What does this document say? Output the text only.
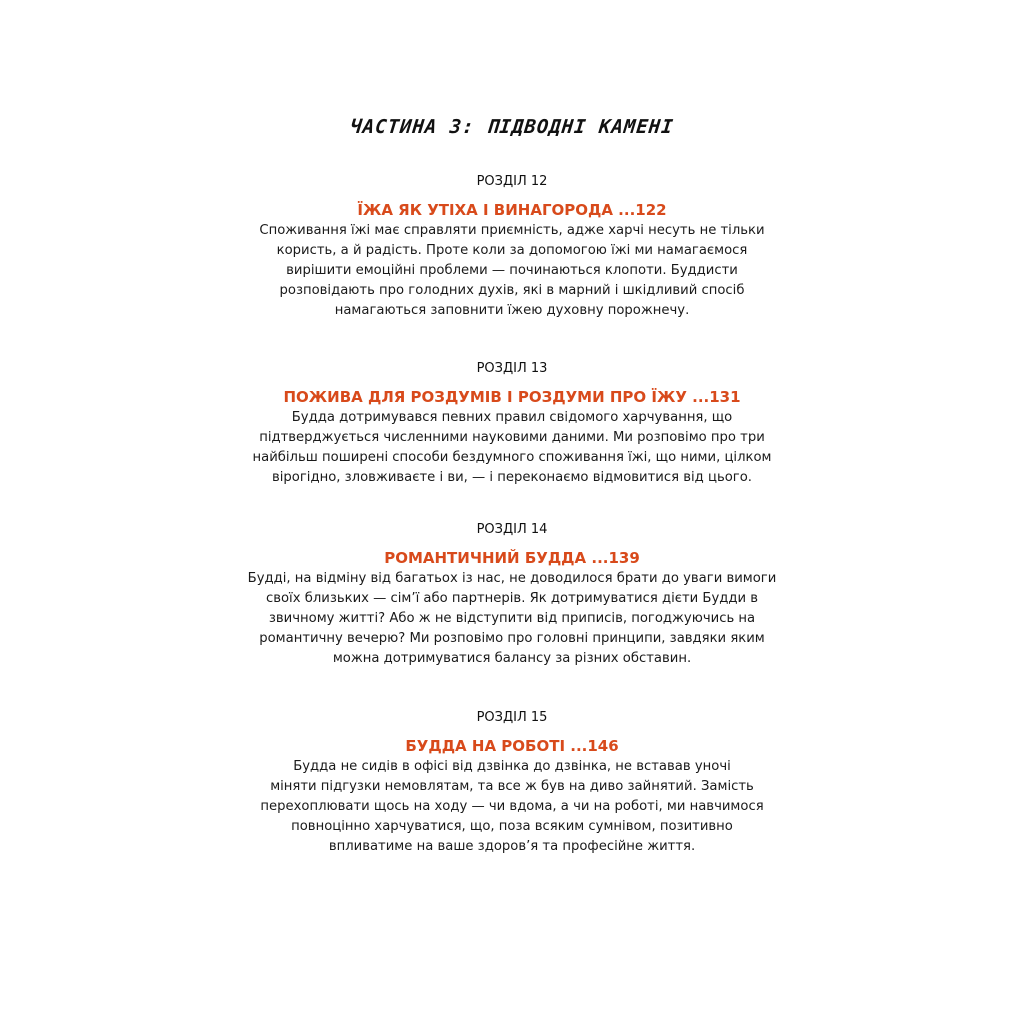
ЧАСТИНА 3: ПІДВОДНІ КАМЕНІ
РОЗДІЛ 12
ЇЖА ЯК УТІХА І ВИНАГОРОДА ...122
Споживання їжі має справляти приємність, адже харчі несуть не тільки
користь, а й радість. Проте коли за допомогою їжі ми намагаємося
вирішити емоційні проблеми — починаються клопоти. Буддисти
розповідають про голодних духів, які в марний і шкідливий спосіб
намагаються заповнити їжею духовну порожнечу.
РОЗДІЛ 13
ПОЖИВА ДЛЯ РОЗДУМІВ І РОЗДУМИ ПРО ЇЖУ ...131
Будда дотримувався певних правил свідомого харчування, що
підтверджується численними науковими даними. Ми розповімо про три
найбільш поширені способи бездумного споживання їжі, що ними, цілком
вірогідно, зловживаєте і ви, — і переконаємо відмовитися від цього.
РОЗДІЛ 14
РОМАНТИЧНИЙ БУДДА ...139
Будді, на відміну від багатьох із нас, не доводилося брати до уваги вимоги
своїх близьких — сім’ї або партнерів. Як дотримуватися дієти Будди в
звичному житті? Або ж не відступити від приписів, погоджуючись на
романтичну вечерю? Ми розповімо про головні принципи, завдяки яким
можна дотримуватися балансу за різних обставин.
РОЗДІЛ 15
БУДДА НА РОБОТІ ...146
Будда не сидів в офісі від дзвінка до дзвінка, не вставав уночі
міняти підгузки немовлятам, та все ж був на диво зайнятий. Замість
перехоплювати щось на ходу — чи вдома, а чи на роботі, ми навчимося
повноцінно харчуватися, що, поза всяким сумнівом, позитивно
впливатиме на ваше здоров’я та професійне життя.
